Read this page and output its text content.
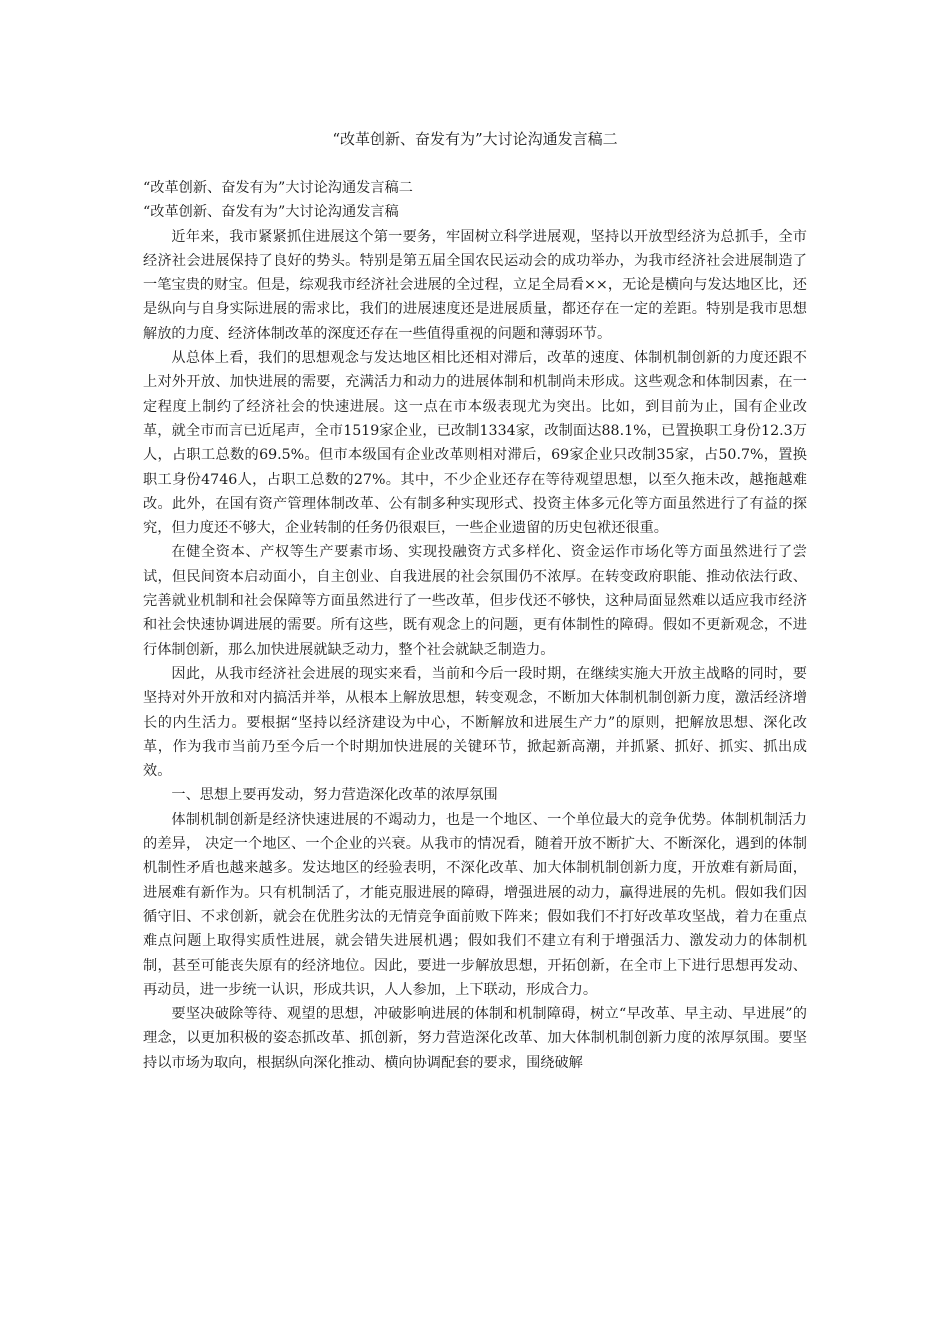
“改革创新、奋发有为”大讨论沟通发言稿二

“改革创新、奋发有为”大讨论沟通发言稿二

“改革创新、奋发有为”大讨论沟通发言稿

近年来，我市紧紧抓住进展这个第一要务，牢固树立科学进展观，坚持以开放型经济为总抓手，全市经济社会进展保持了良好的势头。特别是第五届全国农民运动会的成功举办，为我市经济社会进展制造了一笔宝贵的财宝。但是，综观我市经济社会进展的全过程，立足全局看××，无论是横向与发达地区比，还是纵向与自身实际进展的需求比，我们的进展速度还是进展质量，都还存在一定的差距。特别是我市思想解放的力度、经济体制改革的深度还存在一些值得重视的问题和薄弱环节。

从总体上看，我们的思想观念与发达地区相比还相对滞后，改革的速度、体制机制创新的力度还跟不上对外开放、加快进展的需要，充满活力和动力的进展体制和机制尚未形成。这些观念和体制因素，在一定程度上制约了经济社会的快速进展。这一点在市本级表现尤为突出。比如，到目前为止，国有企业改革，就全市而言已近尾声，全市1519家企业，已改制1334家，改制面达88.1%，已置换职工身份12.3万人，占职工总数的69.5%。但市本级国有企业改革则相对滞后，69家企业只改制35家，占50.7%，置换职工身份4746人，占职工总数的27%。其中，不少企业还存在等待观望思想，以至久拖未改，越拖越难改。此外，在国有资产管理体制改革、公有制多种实现形式、投资主体多元化等方面虽然进行了有益的探究，但力度还不够大，企业转制的任务仍很艰巨，一些企业遗留的历史包袱还很重。

在健全资本、产权等生产要素市场、实现投融资方式多样化、资金运作市场化等方面虽然进行了尝试，但民间资本启动面小，自主创业、自我进展的社会氛围仍不浓厚。在转变政府职能、推动依法行政、完善就业机制和社会保障等方面虽然进行了一些改革，但步伐还不够快，这种局面显然难以适应我市经济和社会快速协调进展的需要。所有这些，既有观念上的问题，更有体制性的障碍。假如不更新观念，不进行体制创新，那么加快进展就缺乏动力，整个社会就缺乏制造力。

因此，从我市经济社会进展的现实来看，当前和今后一段时期，在继续实施大开放主战略的同时，要坚持对外开放和对内搞活并举，从根本上解放思想，转变观念，不断加大体制机制创新力度，激活经济增长的内生活力。要根据“坚持以经济建设为中心，不断解放和进展生产力”的原则，把解放思想、深化改革，作为我市当前乃至今后一个时期加快进展的关键环节，掀起新高潮，并抓紧、抓好、抓实、抓出成效。

一、思想上要再发动，努力营造深化改革的浓厚氛围

体制机制创新是经济快速进展的不竭动力，也是一个地区、一个单位最大的竞争优势。体制机制活力的差异， 决定一个地区、一个企业的兴衰。从我市的情况看，随着开放不断扩大、不断深化，遇到的体制机制性矛盾也越来越多。发达地区的经验表明，不深化改革、加大体制机制创新力度，开放难有新局面，进展难有新作为。只有机制活了，才能克服进展的障碍，增强进展的动力，赢得进展的先机。假如我们因循守旧、不求创新，就会在优胜劣汰的无情竞争面前败下阵来；假如我们不打好改革攻坚战，着力在重点难点问题上取得实质性进展，就会错失进展机遇；假如我们不建立有利于增强活力、激发动力的体制机制，甚至可能丧失原有的经济地位。因此，要进一步解放思想，开拓创新，在全市上下进行思想再发动、再动员，进一步统一认识，形成共识，人人参加，上下联动，形成合力。

要坚决破除等待、观望的思想，冲破影响进展的体制和机制障碍，树立“早改革、早主动、早进展”的理念，以更加积极的姿态抓改革、抓创新，努力营造深化改革、加大体制机制创新力度的浓厚氛围。要坚持以市场为取向，根据纵向深化推动、横向协调配套的要求，围绕破解
